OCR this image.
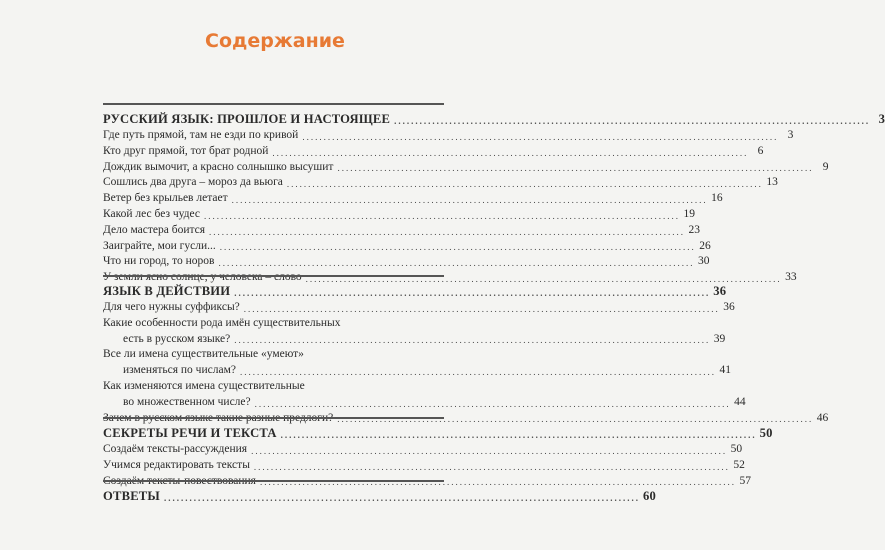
Содержание
РУССКИЙ ЯЗЫК: ПРОШЛОЕ И НАСТОЯЩЕЕ ................................................................................................................ 3
Где путь прямой, там не езди по кривой ................................................................................................................ 3
Кто друг прямой, тот брат родной ................................................................................................................ 6
Дождик вымочит, а красно солнышко высушит ................................................................................................................ 9
Сошлись два друга – мороз да вьюга ................................................................................................................ 13
Ветер без крыльев летает ................................................................................................................ 16
Какой лес без чудес ................................................................................................................ 19
Дело мастера боится ................................................................................................................ 23
Заиграйте, мои гусли... ................................................................................................................ 26
Что ни город, то норов ................................................................................................................ 30
У земли ясно солнце, у человека – слово ................................................................................................................ 33
ЯЗЫК В ДЕЙСТВИИ ................................................................................................................ 36
Для чего нужны суффиксы? ................................................................................................................ 36
Какие особенности рода имён существительных
есть в русском языке? ................................................................................................................ 39
Все ли имена существительные «умеют»
изменяться по числам? ................................................................................................................ 41
Как изменяются имена существительные
во множественном числе? ................................................................................................................ 44
Зачем в русском языке такие разные предлоги? ................................................................................................................ 46
СЕКРЕТЫ РЕЧИ И ТЕКСТА ................................................................................................................ 50
Создаём тексты-рассуждения ................................................................................................................ 50
Учимся редактировать тексты ................................................................................................................ 52
Создаём тексты-повествования ................................................................................................................ 57
ОТВЕТЫ ................................................................................................................ 60
